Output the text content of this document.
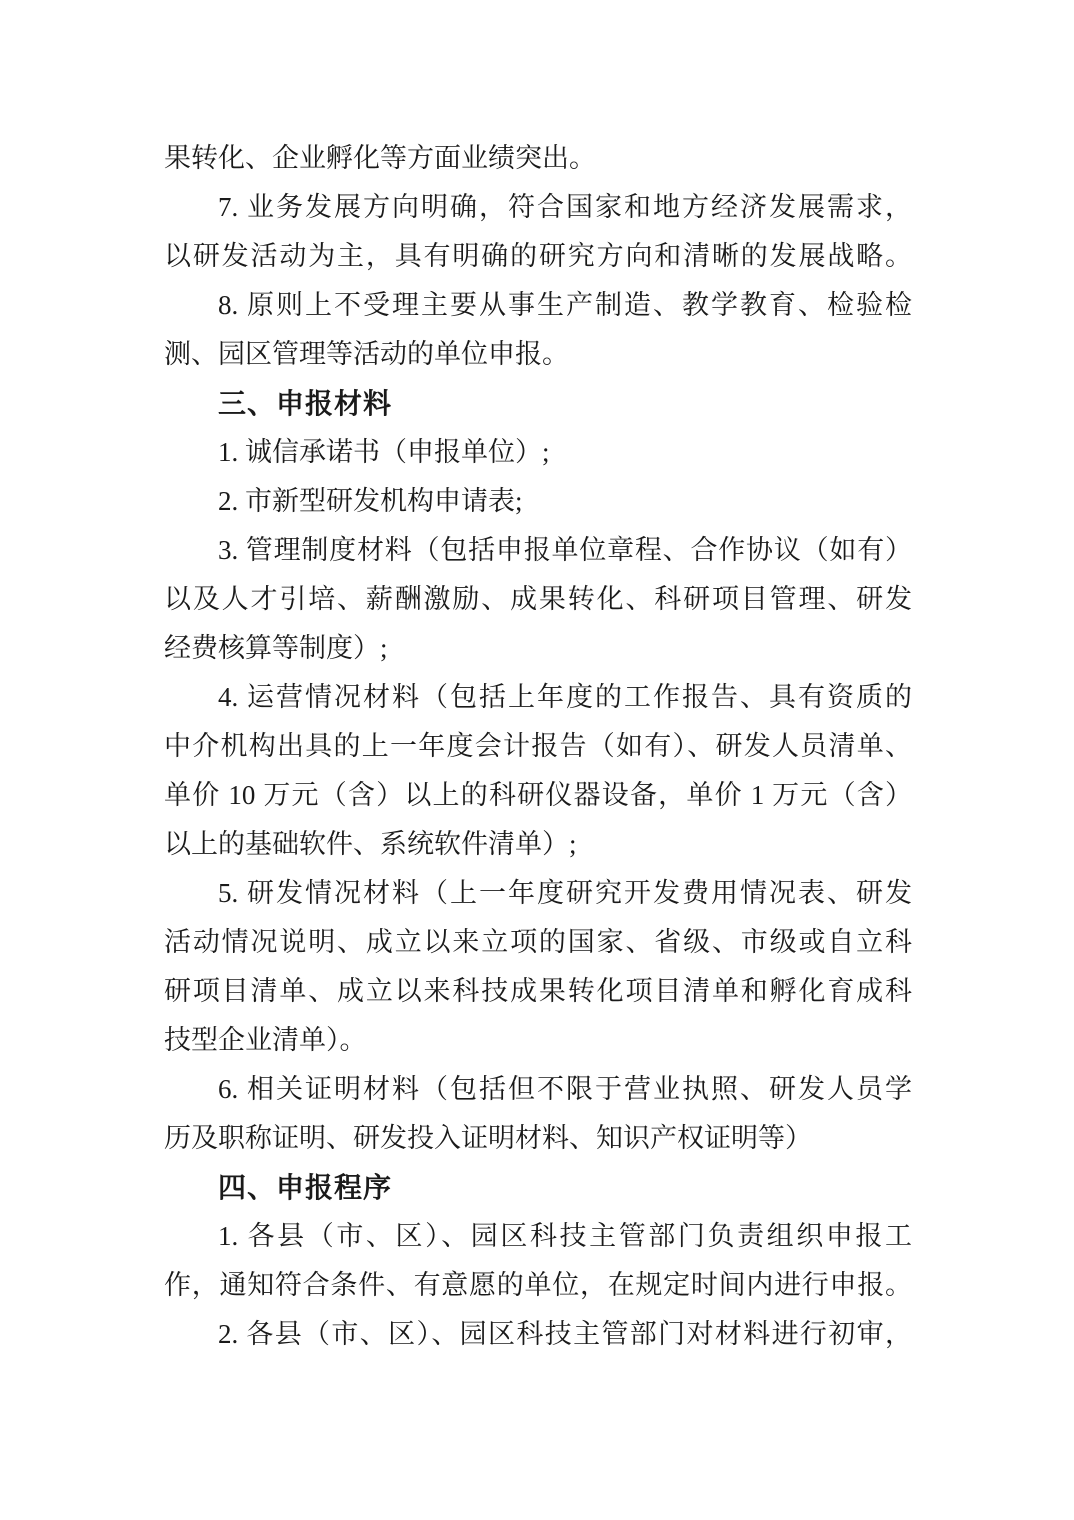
果转化、企业孵化等方面业绩突出。
7. 业务发展方向明确，符合国家和地方经济发展需求，
以研发活动为主，具有明确的研究方向和清晰的发展战略。
8. 原则上不受理主要从事生产制造、教学教育、检验检
测、园区管理等活动的单位申报。
三、申报材料
1. 诚信承诺书（申报单位）;
2. 市新型研发机构申请表;
3. 管理制度材料（包括申报单位章程、合作协议（如有）
以及人才引培、薪酬激励、成果转化、科研项目管理、研发
经费核算等制度）;
4. 运营情况材料（包括上年度的工作报告、具有资质的
中介机构出具的上一年度会计报告（如有）、研发人员清单、
单价 10 万元（含）以上的科研仪器设备，单价 1 万元（含）
以上的基础软件、系统软件清单）;
5. 研发情况材料（上一年度研究开发费用情况表、研发
活动情况说明、成立以来立项的国家、省级、市级或自立科
研项目清单、成立以来科技成果转化项目清单和孵化育成科
技型企业清单）。
6. 相关证明材料（包括但不限于营业执照、研发人员学
历及职称证明、研发投入证明材料、知识产权证明等）
四、申报程序
1. 各县（市、区）、园区科技主管部门负责组织申报工
作，通知符合条件、有意愿的单位，在规定时间内进行申报。
2. 各县（市、区）、园区科技主管部门对材料进行初审，
